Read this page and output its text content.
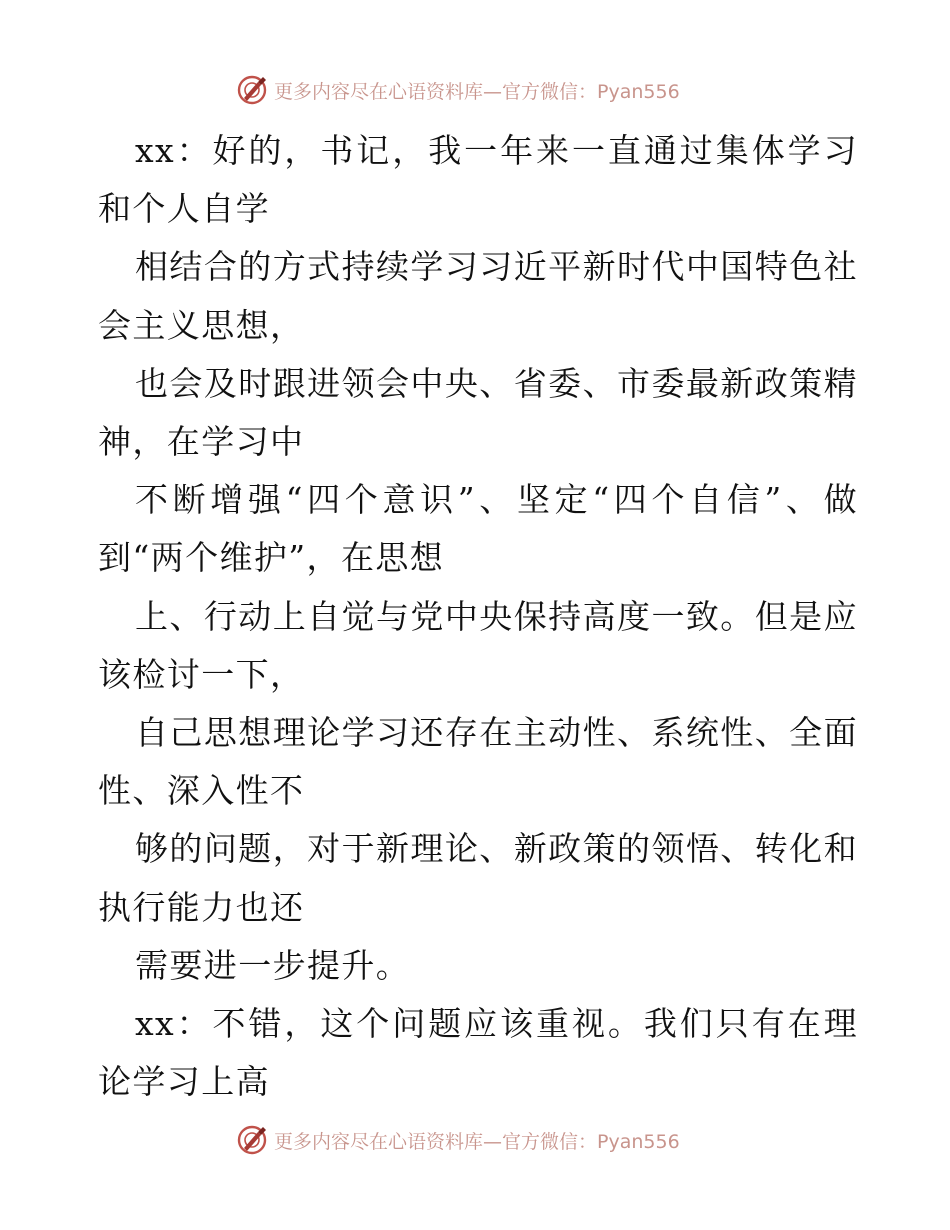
更多内容尽在心语资料库—官方微信：Pyan556

xx：好的，书记，我一年来一直通过集体学习和个人自学

相结合的方式持续学习习近平新时代中国特色社会主义思想，

也会及时跟进领会中央、省委、市委最新政策精神，在学习中

不断增强“四个意识”、坚定“四个自信”、做到“两个维护”，在思想

上、行动上自觉与党中央保持高度一致。但是应该检讨一下，

自己思想理论学习还存在主动性、系统性、全面性、深入性不

够的问题，对于新理论、新政策的领悟、转化和执行能力也还

需要进一步提升。

xx：不错，这个问题应该重视。我们只有在理论学习上高

更多内容尽在心语资料库—官方微信：Pyan556
